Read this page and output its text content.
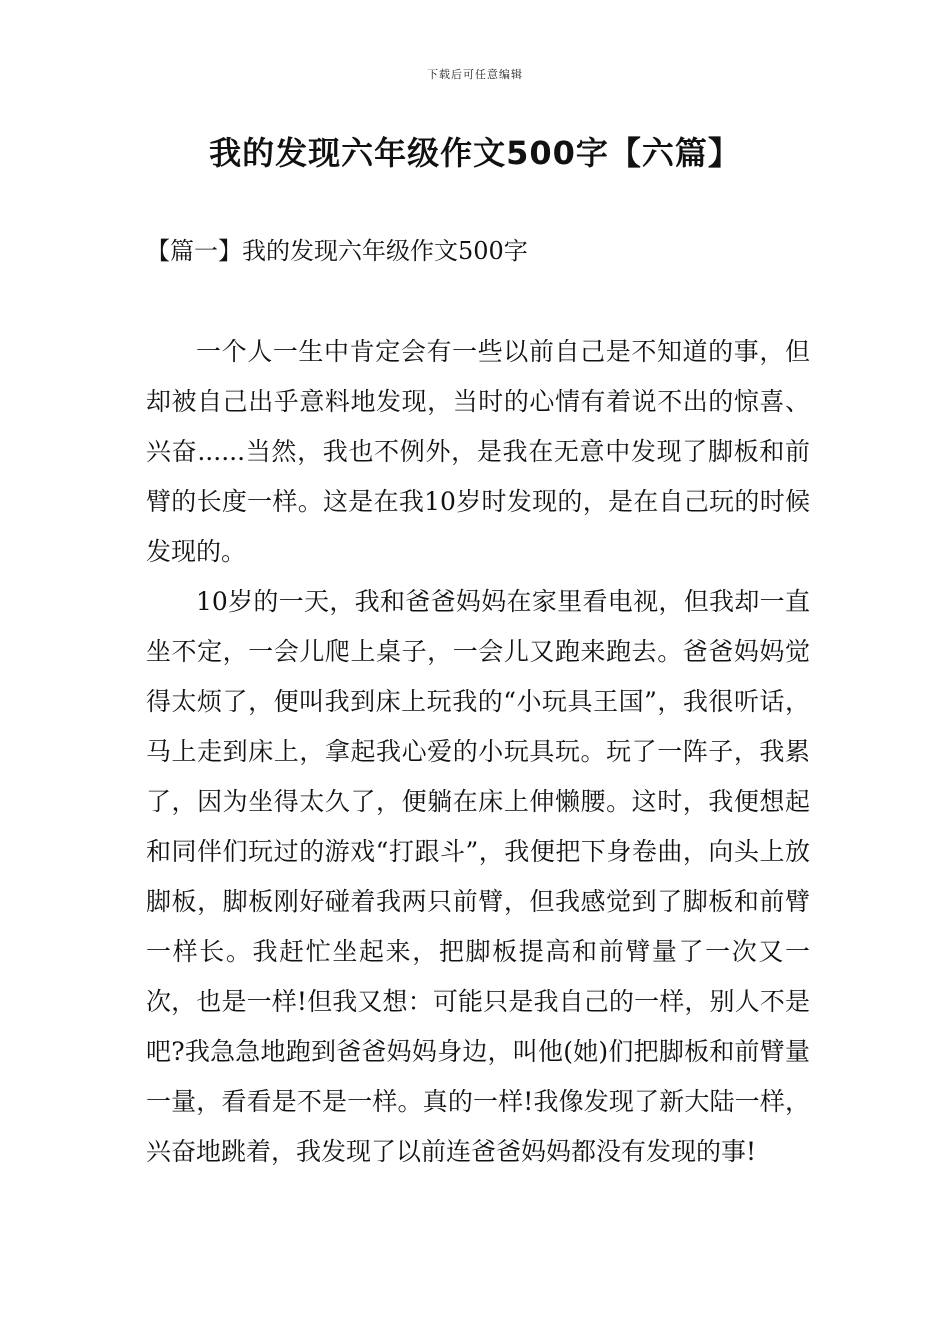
下载后可任意编辑
我的发现六年级作文500字【六篇】
【篇一】我的发现六年级作文500字

一个人一生中肯定会有一些以前自己是不知道的事，但却被自己出乎意料地发现，当时的心情有着说不出的惊喜、兴奋......当然，我也不例外，是我在无意中发现了脚板和前臂的长度一样。这是在我10岁时发现的，是在自己玩的时候发现的。

10岁的一天，我和爸爸妈妈在家里看电视，但我却一直坐不定，一会儿爬上桌子，一会儿又跑来跑去。爸爸妈妈觉得太烦了，便叫我到床上玩我的“小玩具王国”，我很听话，马上走到床上，拿起我心爱的小玩具玩。玩了一阵子，我累了，因为坐得太久了，便躺在床上伸懒腰。这时，我便想起和同伴们玩过的游戏“打跟斗”，我便把下身卷曲，向头上放脚板，脚板刚好碰着我两只前臂，但我感觉到了脚板和前臂一样长。我赶忙坐起来，把脚板提高和前臂量了一次又一次，也是一样!但我又想：可能只是我自己的一样，别人不是吧?我急急地跑到爸爸妈妈身边，叫他(她)们把脚板和前臂量一量，看看是不是一样。真的一样!我像发现了新大陆一样，兴奋地跳着，我发现了以前连爸爸妈妈都没有发现的事!
